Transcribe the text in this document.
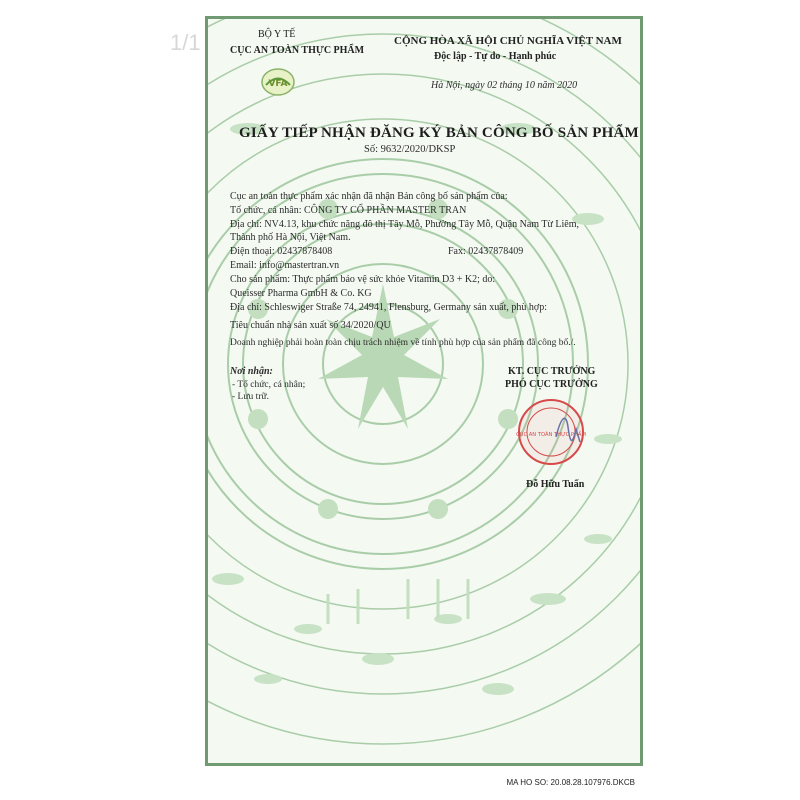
1/1
VFA
BỘ Y TẾ
CỤC AN TOÀN THỰC PHẨM
CỘNG HÒA XÃ HỘI CHỦ NGHĨA VIỆT NAM
Độc lập - Tự do - Hạnh phúc
Hà Nội, ngày 02 tháng 10 năm 2020
GIẤY TIẾP NHẬN ĐĂNG KÝ BẢN CÔNG BỐ SẢN PHẨM
Số: 9632/2020/DKSP
Cục an toàn thực phẩm xác nhận đã nhận Bản công bố sản phẩm của:
Tổ chức, cá nhân: CÔNG TY CỔ PHẦN MASTER TRAN
Địa chỉ: NV4.13, khu chức năng đô thị Tây Mỗ, Phường Tây Mỗ, Quận Nam Từ Liêm,
Thành phố Hà Nội, Việt Nam.
Điện thoại: 02437878408	Fax: 02437878409
Email: info@mastertran.vn
Cho sản phẩm: Thực phẩm bảo vệ sức khỏe Vitamin D3 + K2; do:
Queisser Pharma GmbH & Co. KG
Địa chỉ: Schleswiger Straße 74, 24941, Flensburg, Germany sản xuất, phù hợp:
Tiêu chuẩn nhà sản xuất số 34/2020/QU
Doanh nghiệp phải hoàn toàn chịu trách nhiệm về tính phù hợp của sản phẩm đã công bố./.
Nơi nhận:
- Tổ chức, cá nhân;
- Lưu trữ.
KT. CỤC TRƯỞNG
PHÓ CỤC TRƯỞNG
CỤC AN TOÀN THỰC PHẨM
Đỗ Hữu Tuấn
MA HO SO: 20.08.28.107976.DKCB
